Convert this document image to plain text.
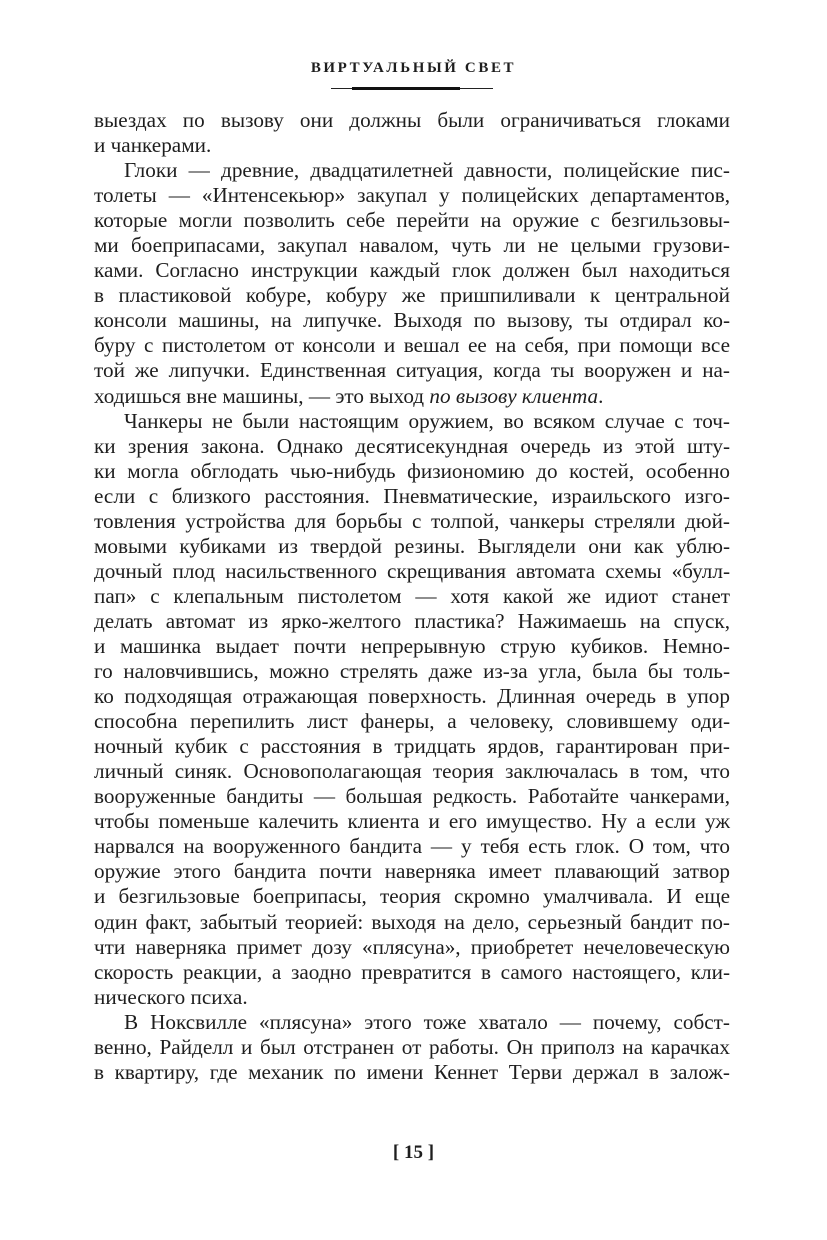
ВИРТУАЛЬНЫЙ СВЕТ
выездах по вызову они должны были ограничиваться глоками
и чанкерами.
Глоки — древние, двадцатилетней давности, полицейские пис-
толеты — «Интенсекьюр» закупал у полицейских департаментов,
которые могли позволить себе перейти на оружие с безгильзовы-
ми боеприпасами, закупал навалом, чуть ли не целыми грузови-
ками. Согласно инструкции каждый глок должен был находиться
в пластиковой кобуре, кобуру же пришпиливали к центральной
консоли машины, на липучке. Выходя по вызову, ты отдирал ко-
буру с пистолетом от консоли и вешал ее на себя, при помощи все
той же липучки. Единственная ситуация, когда ты вооружен и на-
ходишься вне машины, — это выход по вызову клиента.
Чанкеры не были настоящим оружием, во всяком случае с точ-
ки зрения закона. Однако десятисекундная очередь из этой шту-
ки могла обглодать чью-нибудь физиономию до костей, особенно
если с близкого расстояния. Пневматические, израильского изго-
товления устройства для борьбы с толпой, чанкеры стреляли дюй-
мовыми кубиками из твердой резины. Выглядели они как ублю-
дочный плод насильственного скрещивания автомата схемы «булл-
пап» с клепальным пистолетом — хотя какой же идиот станет
делать автомат из ярко-желтого пластика? Нажимаешь на спуск,
и машинка выдает почти непрерывную струю кубиков. Немно-
го наловчившись, можно стрелять даже из-за угла, была бы толь-
ко подходящая отражающая поверхность. Длинная очередь в упор
способна перепилить лист фанеры, а человеку, словившему оди-
ночный кубик с расстояния в тридцать ярдов, гарантирован при-
личный синяк. Основополагающая теория заключалась в том, что
вооруженные бандиты — большая редкость. Работайте чанкерами,
чтобы поменьше калечить клиента и его имущество. Ну а если уж
нарвался на вооруженного бандита — у тебя есть глок. О том, что
оружие этого бандита почти наверняка имеет плавающий затвор
и безгильзовые боеприпасы, теория скромно умалчивала. И еще
один факт, забытый теорией: выходя на дело, серьезный бандит по-
чти наверняка примет дозу «плясуна», приобретет нечеловеческую
скорость реакции, а заодно превратится в самого настоящего, кли-
нического психа.
В Ноксвилле «плясуна» этого тоже хватало — почему, собст-
венно, Райделл и был отстранен от работы. Он приполз на карачках
в квартиру, где механик по имени Кеннет Терви держал в залож-
[ 15 ]
